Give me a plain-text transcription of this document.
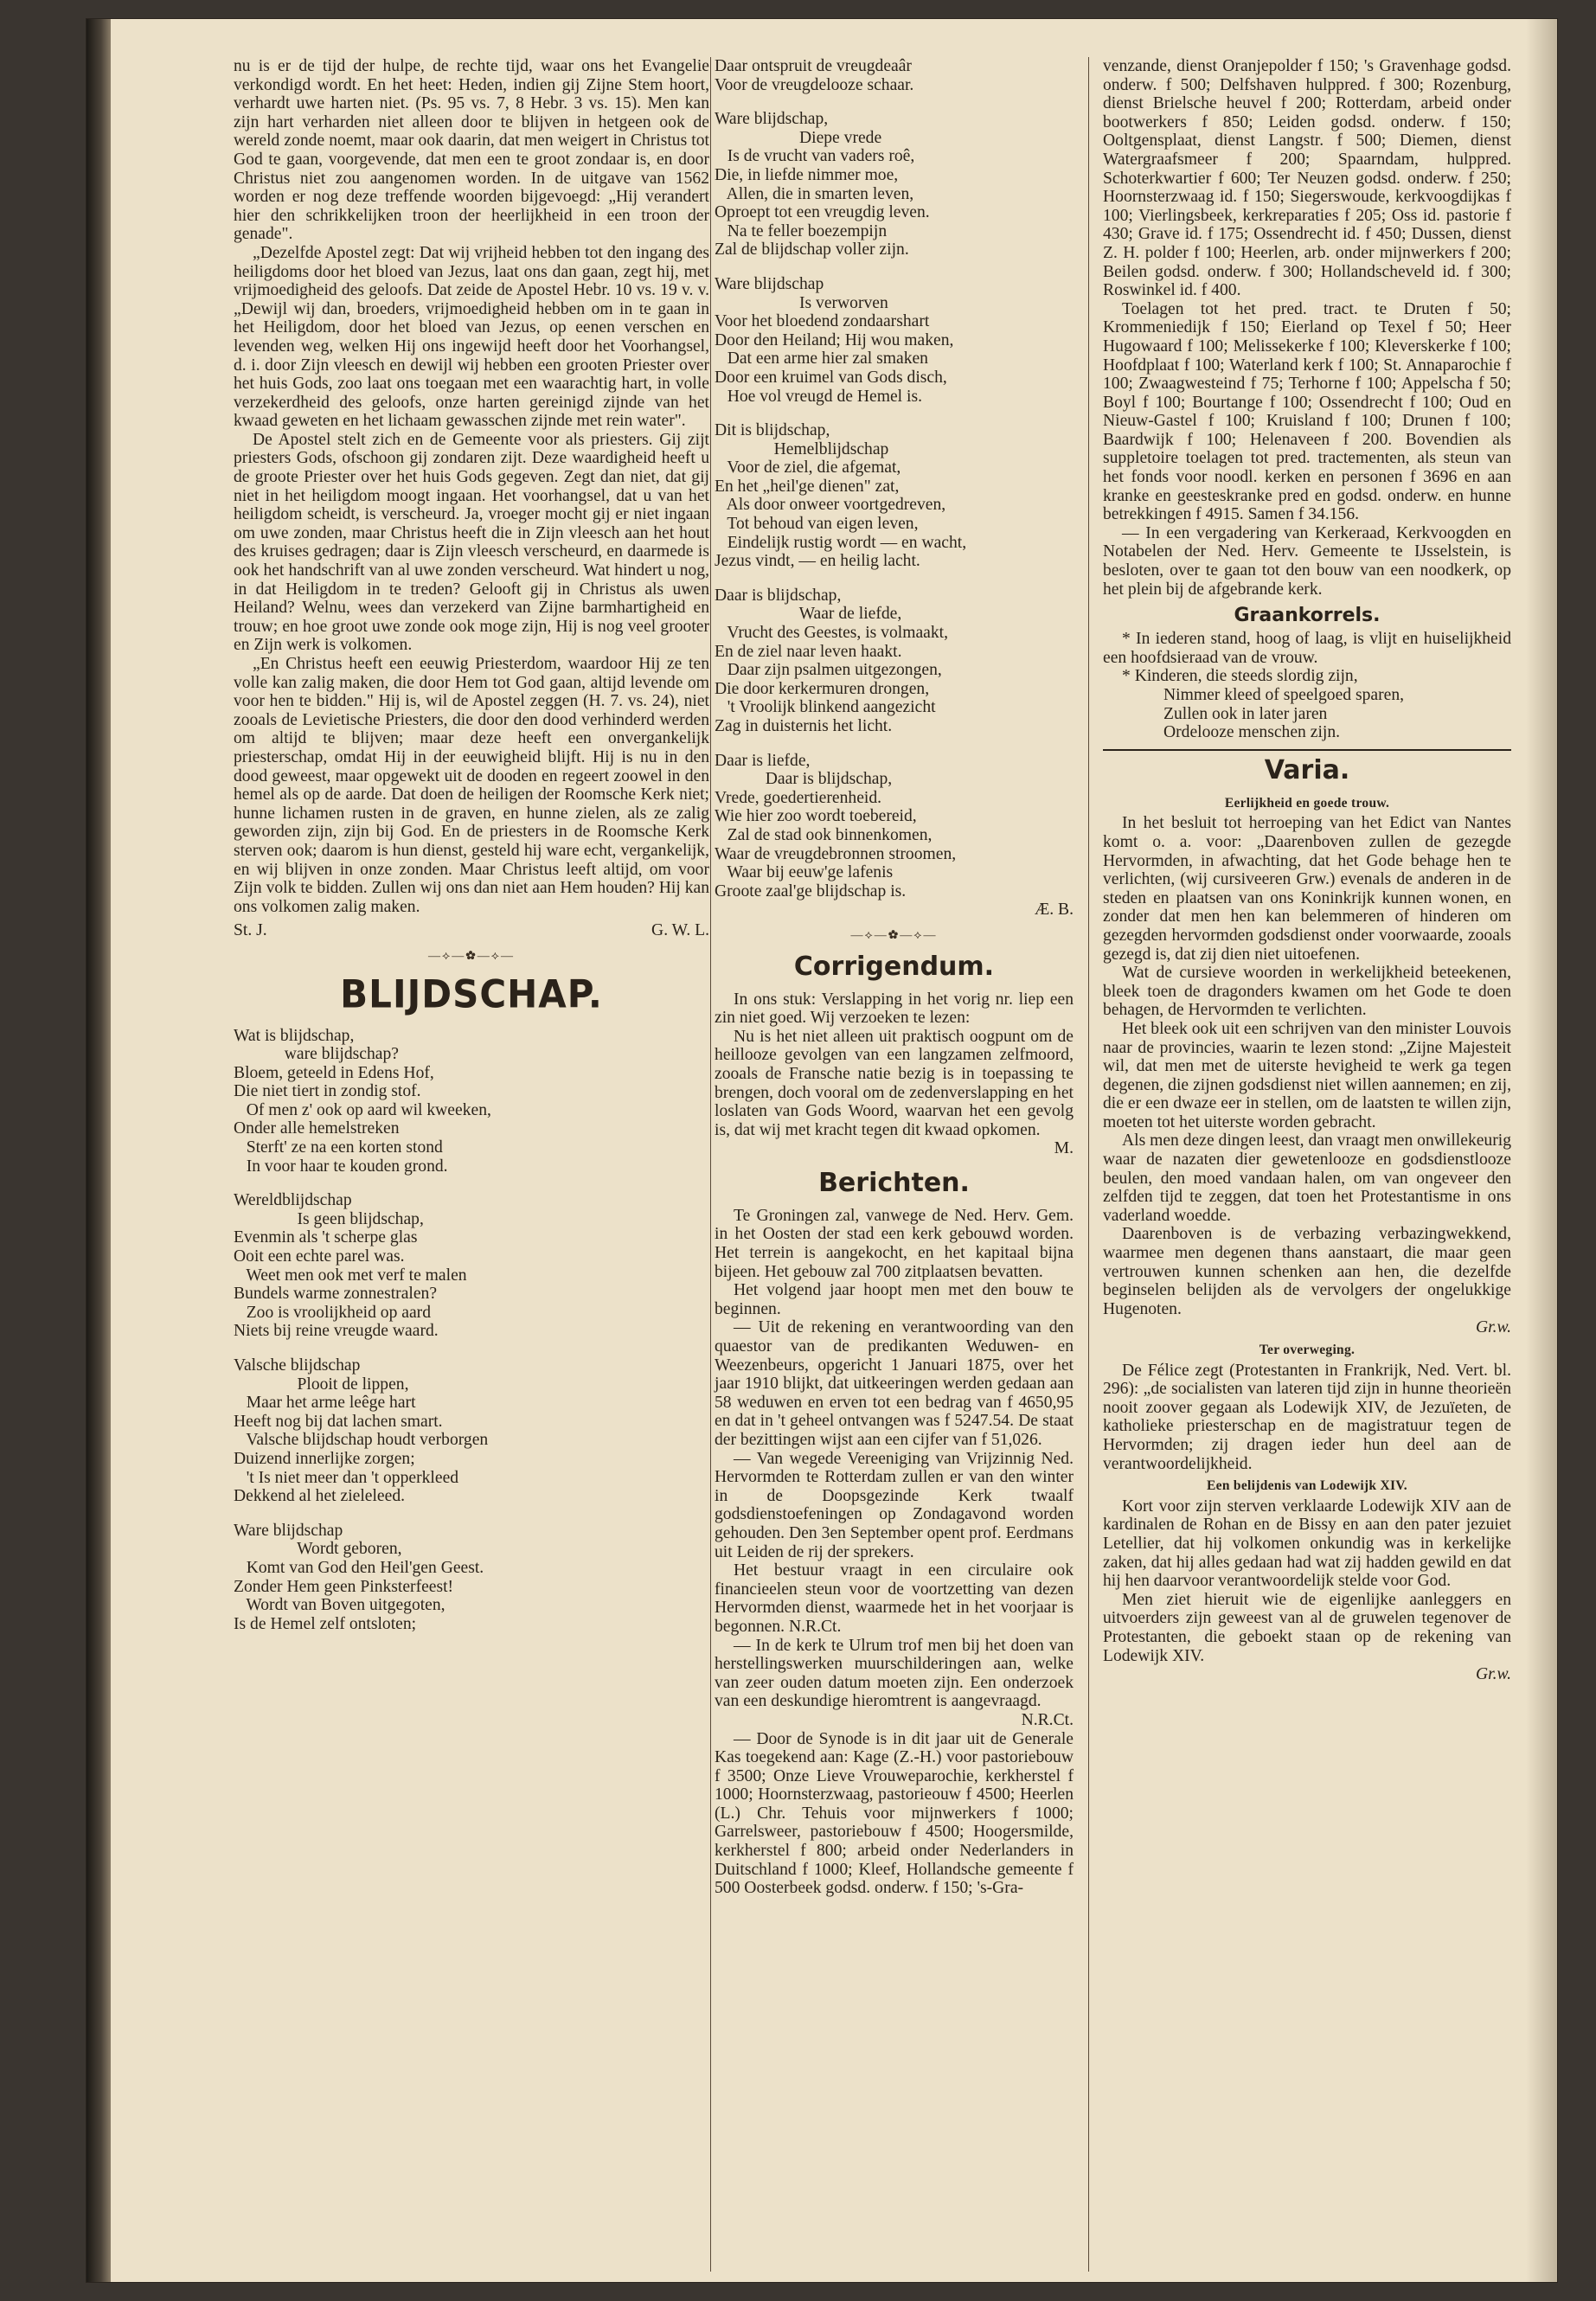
nu is er de tijd der hulpe, de rechte tijd, waar ons het Evangelie verkondigd wordt. En het heet: Heden, indien gij Zijne Stem hoort, verhardt uwe harten niet. (Ps. 95 vs. 7, 8 Hebr. 3 vs. 15). Men kan zijn hart verharden niet alleen door te blijven in hetgeen ook de wereld zonde noemt, maar ook daarin, dat men weigert in Christus tot God te gaan, voorgevende, dat men een te groot zondaar is, en door Christus niet zou aangenomen worden. In de uitgave van 1562 worden er nog deze treffende woorden bijgevoegd: „Hij verandert hier den schrikkelijken troon der heerlijkheid in een troon der genade".

„Dezelfde Apostel zegt: Dat wij vrijheid hebben tot den ingang des heiligdoms door het bloed van Jezus, laat ons dan gaan, zegt hij, met vrijmoedigheid des geloofs. Dat zeide de Apostel Hebr. 10 vs. 19 v. v. „Dewijl wij dan, broeders, vrijmoedigheid hebben om in te gaan in het Heiligdom, door het bloed van Jezus, op eenen verschen en levenden weg, welken Hij ons ingewijd heeft door het Voorhangsel, d. i. door Zijn vleesch en dewijl wij hebben een grooten Priester over het huis Gods, zoo laat ons toegaan met een waarachtig hart, in volle verzekerdheid des geloofs, onze harten gereinigd zijnde van het kwaad geweten en het lichaam gewasschen zijnde met rein water".

De Apostel stelt zich en de Gemeente voor als priesters. Gij zijt priesters Gods, ofschoon gij zondaren zijt. Deze waardigheid heeft u de groote Priester over het huis Gods gegeven. Zegt dan niet, dat gij niet in het heiligdom moogt ingaan. Het voorhangsel, dat u van het heiligdom scheidt, is verscheurd. Ja, vroeger mocht gij er niet ingaan om uwe zonden, maar Christus heeft die in Zijn vleesch aan het hout des kruises gedragen; daar is Zijn vleesch verscheurd, en daarmede is ook het handschrift van al uwe zonden verscheurd. Wat hindert u nog, in dat Heiligdom in te treden? Gelooft gij in Christus als uwen Heiland? Welnu, wees dan verzekerd van Zijne barmhartigheid en trouw; en hoe groot uwe zonde ook moge zijn, Hij is nog veel grooter en Zijn werk is volkomen.

„En Christus heeft een eeuwig Priesterdom, waardoor Hij ze ten volle kan zalig maken, die door Hem tot God gaan, altijd levende om voor hen te bidden." Hij is, wil de Apostel zeggen (H. 7. vs. 24), niet zooals de Levietische Priesters, die door den dood verhinderd werden om altijd te blijven; maar deze heeft een onvergankelijk priesterschap, omdat Hij in der eeuwigheid blijft. Hij is nu in den dood geweest, maar opgewekt uit de dooden en regeert zoowel in den hemel als op de aarde. Dat doen de heiligen der Roomsche Kerk niet; hunne lichamen rusten in de graven, en hunne zielen, als ze zalig geworden zijn, zijn bij God. En de priesters in de Roomsche Kerk sterven ook; daarom is hun dienst, gesteld hij ware echt, vergankelijk, en wij blijven in onze zonden. Maar Christus leeft altijd, om voor Zijn volk te bidden. Zullen wij ons dan niet aan Hem houden? Hij kan ons volkomen zalig maken.

St. J.	G. W. L.
—⟡—✿—⟡—
BLIJDSCHAP.
Wat is blijdschap,
ware blijdschap?
Bloem, geteeld in Edens Hof,
Die niet tiert in zondig stof.
Of men z' ook op aard wil kweeken,
Onder alle hemelstreken
Sterft' ze na een korten stond
In voor haar te kouden grond.
Wereldblijdschap
Is geen blijdschap,
Evenmin als 't scherpe glas
Ooit een echte parel was.
Weet men ook met verf te malen
Bundels warme zonnestralen?
Zoo is vroolijkheid op aard
Niets bij reine vreugde waard.
Valsche blijdschap
Plooit de lippen,
Maar het arme leêge hart
Heeft nog bij dat lachen smart.
Valsche blijdschap houdt verborgen
Duizend innerlijke zorgen;
't Is niet meer dan 't opperkleed
Dekkend al het zieleleed.
Ware blijdschap
Wordt geboren,
Komt van God den Heil'gen Geest.
Zonder Hem geen Pinksterfeest!
Wordt van Boven uitgegoten,
Is de Hemel zelf ontsloten;
Daar ontspruit de vreugdeaâr
Voor de vreugdelooze schaar.
Ware blijdschap,
Diepe vrede
Is de vrucht van vaders roê,
Die, in liefde nimmer moe,
Allen, die in smarten leven,
Oproept tot een vreugdig leven.
Na te feller boezempijn
Zal de blijdschap voller zijn.
Ware blijdschap
Is verworven
Voor het bloedend zondaarshart
Door den Heiland; Hij wou maken,
Dat een arme hier zal smaken
Door een kruimel van Gods disch,
Hoe vol vreugd de Hemel is.
Dit is blijdschap,
Hemelblijdschap
Voor de ziel, die afgemat,
En het „heil'ge dienen" zat,
Als door onweer voortgedreven,
Tot behoud van eigen leven,
Eindelijk rustig wordt — en wacht,
Jezus vindt, — en heilig lacht.
Daar is blijdschap,
Waar de liefde,
Vrucht des Geestes, is volmaakt,
En de ziel naar leven haakt.
Daar zijn psalmen uitgezongen,
Die door kerkermuren drongen,
't Vroolijk blinkend aangezicht
Zag in duisternis het licht.
Daar is liefde,
Daar is blijdschap,
Vrede, goedertierenheid.
Wie hier zoo wordt toebereid,
Zal de stad ook binnenkomen,
Waar de vreugdebronnen stroomen,
Waar bij eeuw'ge lafenis
Groote zaal'ge blijdschap is.
Æ. B.
—⟡—✿—⟡—
Corrigendum.

In ons stuk: Verslapping in het vorig nr. liep een zin niet goed. Wij verzoeken te lezen:

Nu is het niet alleen uit praktisch oogpunt om de heillooze gevolgen van een langzamen zelfmoord, zooals de Fransche natie bezig is in toepassing te brengen, doch vooral om de zedenverslapping en het loslaten van Gods Woord, waarvan het een gevolg is, dat wij met kracht tegen dit kwaad opkomen.

M.
Berichten.

Te Groningen zal, vanwege de Ned. Herv. Gem. in het Oosten der stad een kerk gebouwd worden. Het terrein is aangekocht, en het kapitaal bijna bijeen. Het gebouw zal 700 zitplaatsen bevatten.

Het volgend jaar hoopt men met den bouw te beginnen.

— Uit de rekening en verantwoording van den quaestor van de predikanten Weduwen- en Weezenbeurs, opgericht 1 Januari 1875, over het jaar 1910 blijkt, dat uitkeeringen werden gedaan aan 58 weduwen en erven tot een bedrag van f 4650,95 en dat in 't geheel ontvangen was f 5247.54. De staat der bezittingen wijst aan een cijfer van f 51,026.

— Van wegede Vereeniging van Vrijzinnig Ned. Hervormden te Rotterdam zullen er van den winter in de Doopsgezinde Kerk twaalf godsdienstoefeningen op Zondagavond worden gehouden. Den 3en September opent prof. Eerdmans uit Leiden de rij der sprekers.

Het bestuur vraagt in een circulaire ook financieelen steun voor de voortzetting van dezen Hervormden dienst, waarmede het in het voorjaar is begonnen. N.R.Ct.

— In de kerk te Ulrum trof men bij het doen van herstellingswerken muurschilderingen aan, welke van zeer ouden datum moeten zijn. Een onderzoek van een deskundige hieromtrent is aangevraagd.

N.R.Ct.

— Door de Synode is in dit jaar uit de Generale Kas toegekend aan: Kage (Z.-H.) voor pastoriebouw f 3500; Onze Lieve Vrouweparochie, kerkherstel f 1000; Hoornsterzwaag, pastorieouw f 4500; Heerlen (L.) Chr. Tehuis voor mijnwerkers f 1000; Garrelsweer, pastoriebouw f 4500; Hoogersmilde, kerkherstel f 800; arbeid onder Nederlanders in Duitschland f 1000; Kleef, Hollandsche gemeente f 500 Oosterbeek godsd. onderw. f 150; 's-Gra-

venzande, dienst Oranjepolder f 150; 's Gravenhage godsd. onderw. f 500; Delfshaven hulppred. f 300; Rozenburg, dienst Brielsche heuvel f 200; Rotterdam, arbeid onder bootwerkers f 850; Leiden godsd. onderw. f 150; Ooltgensplaat, dienst Langstr. f 500; Diemen, dienst Watergraafsmeer f 200; Spaarndam, hulppred. Schoterkwartier f 600; Ter Neuzen godsd. onderw. f 250; Hoornsterzwaag id. f 150; Siegerswoude, kerkvoogdijkas f 100; Vierlingsbeek, kerkreparaties f 205; Oss id. pastorie f 430; Grave id. f 175; Ossendrecht id. f 450; Dussen, dienst Z. H. polder f 100; Heerlen, arb. onder mijnwerkers f 200; Beilen godsd. onderw. f 300; Hollandscheveld id. f 300; Roswinkel id. f 400.

Toelagen tot het pred. tract. te Druten f 50; Krommeniedijk f 150; Eierland op Texel f 50; Heer Hugowaard f 100; Melissekerke f 100; Kleverskerke f 100; Hoofdplaat f 100; Waterland kerk f 100; St. Annaparochie f 100; Zwaagwesteind f 75; Terhorne f 100; Appelscha f 50; Boyl f 100; Bourtange f 100; Ossendrecht f 100; Oud en Nieuw-Gastel f 100; Kruisland f 100; Drunen f 100; Baardwijk f 100; Helenaveen f 200. Bovendien als suppletoire toelagen tot pred. tractementen, als steun van het fonds voor noodl. kerken en personen f 3696 en aan kranke en geesteskranke pred en godsd. onderw. en hunne betrekkingen f 4915. Samen f 34.156.

— In een vergadering van Kerkeraad, Kerkvoogden en Notabelen der Ned. Herv. Gemeente te IJsselstein, is besloten, over te gaan tot den bouw van een noodkerk, op het plein bij de afgebrande kerk.

Graankorrels.

* In iederen stand, hoog of laag, is vlijt en huiselijkheid een hoofdsieraad van de vrouw.

* Kinderen, die steeds slordig zijn,

Nimmer kleed of speelgoed sparen,
Zullen ook in later jaren
Ordelooze menschen zijn.
Varia.
Eerlijkheid en goede trouw.

In het besluit tot herroeping van het Edict van Nantes komt o. a. voor: „Daarenboven zullen de gezegde Hervormden, in afwachting, dat het Gode behage hen te verlichten, (wij cursiveeren Grw.) evenals de anderen in de steden en plaatsen van ons Koninkrijk kunnen wonen, en zonder dat men hen kan belemmeren of hinderen om gezegden hervormden godsdienst onder voorwaarde, zooals gezegd is, dat zij dien niet uitoefenen.

Wat de cursieve woorden in werkelijkheid beteekenen, bleek toen de dragonders kwamen om het Gode te doen behagen, de Hervormden te verlichten.

Het bleek ook uit een schrijven van den minister Louvois naar de provincies, waarin te lezen stond: „Zijne Majesteit wil, dat men met de uiterste hevigheid te werk ga tegen degenen, die zijnen godsdienst niet willen aannemen; en zij, die er een dwaze eer in stellen, om de laatsten te willen zijn, moeten tot het uiterste worden gebracht.

Als men deze dingen leest, dan vraagt men onwillekeurig waar de nazaten dier gewetenlooze en godsdienstlooze beulen, den moed vandaan halen, om van ongeveer den zelfden tijd te zeggen, dat toen het Protestantisme in ons vaderland woedde.

Daarenboven is de verbazing verbazingwekkend, waarmee men degenen thans aanstaart, die maar geen vertrouwen kunnen schenken aan hen, die dezelfde beginselen belijden als de vervolgers der ongelukkige Hugenoten.

Gr.w.
Ter overweging.

De Félice zegt (Protestanten in Frankrijk, Ned. Vert. bl. 296): „de socialisten van lateren tijd zijn in hunne theorieën nooit zoover gegaan als Lodewijk XIV, de Jezuïeten, de katholieke priesterschap en de magistratuur tegen de Hervormden; zij dragen ieder hun deel aan de verantwoordelijkheid.

Een belijdenis van Lodewijk XIV.

Kort voor zijn sterven verklaarde Lodewijk XIV aan de kardinalen de Rohan en de Bissy en aan den pater jezuiet Letellier, dat hij volkomen onkundig was in kerkelijke zaken, dat hij alles gedaan had wat zij hadden gewild en dat hij hen daarvoor verantwoordelijk stelde voor God.

Men ziet hieruit wie de eigenlijke aanleggers en uitvoerders zijn geweest van al de gruwelen tegenover de Protestanten, die geboekt staan op de rekening van Lodewijk XIV.

Gr.w.
